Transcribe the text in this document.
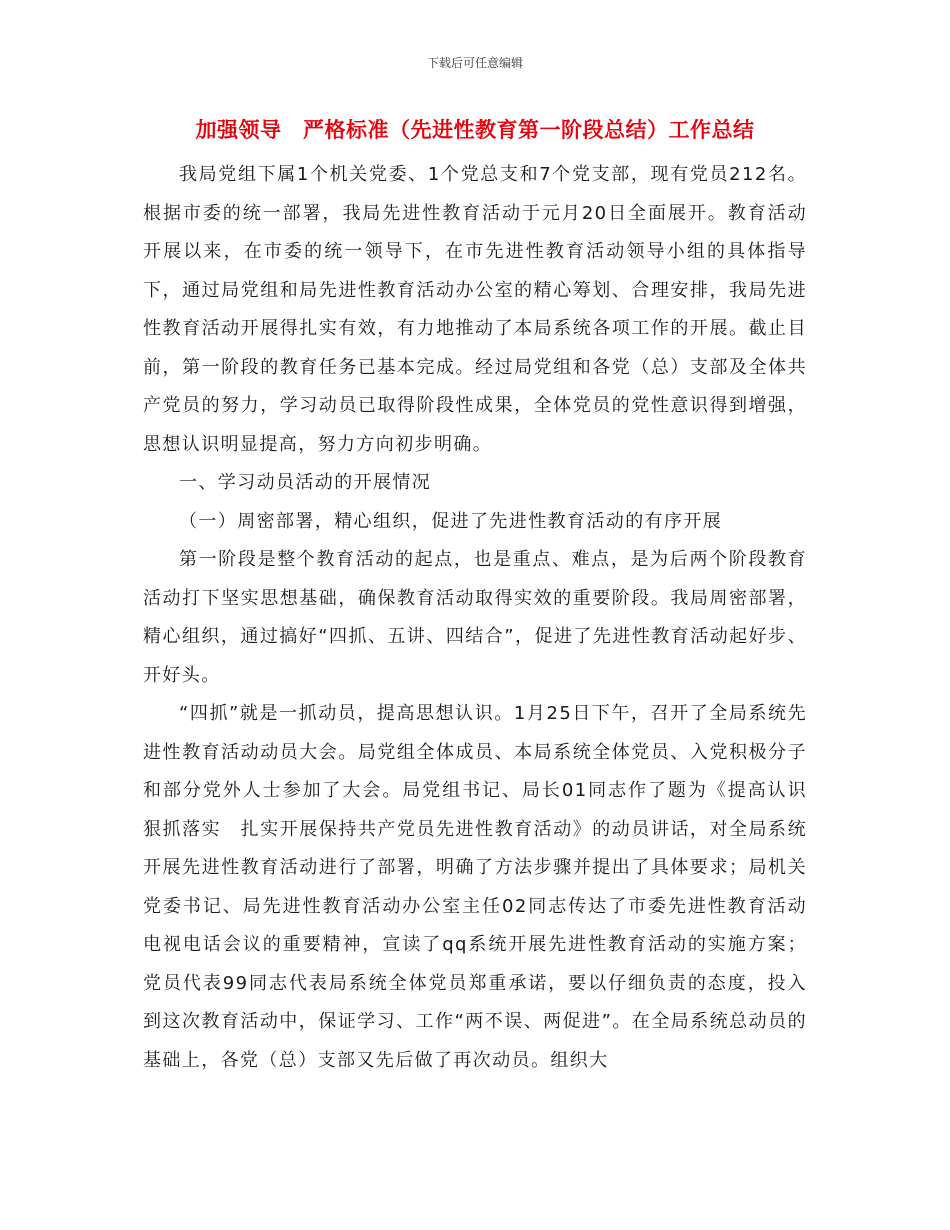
下载后可任意编辑
加强领导　严格标准（先进性教育第一阶段总结）工作总结

我局党组下属1个机关党委、1个党总支和7个党支部，现有党员212名。根据市委的统一部署，我局先进性教育活动于元月20日全面展开。教育活动开展以来，在市委的统一领导下，在市先进性教育活动领导小组的具体指导下，通过局党组和局先进性教育活动办公室的精心筹划、合理安排，我局先进性教育活动开展得扎实有效，有力地推动了本局系统各项工作的开展。截止目前，第一阶段的教育任务已基本完成。经过局党组和各党（总）支部及全体共产党员的努力，学习动员已取得阶段性成果，全体党员的党性意识得到增强，思想认识明显提高，努力方向初步明确。

一、学习动员活动的开展情况

（一）周密部署，精心组织，促进了先进性教育活动的有序开展

第一阶段是整个教育活动的起点，也是重点、难点，是为后两个阶段教育活动打下坚实思想基础，确保教育活动取得实效的重要阶段。我局周密部署，精心组织，通过搞好“四抓、五讲、四结合”，促进了先进性教育活动起好步、开好头。

“四抓”就是一抓动员，提高思想认识。1月25日下午，召开了全局系统先进性教育活动动员大会。局党组全体成员、本局系统全体党员、入党积极分子和部分党外人士参加了大会。局党组书记、局长01同志作了题为《提高认识　狠抓落实　扎实开展保持共产党员先进性教育活动》的动员讲话，对全局系统开展先进性教育活动进行了部署，明确了方法步骤并提出了具体要求；局机关党委书记、局先进性教育活动办公室主任02同志传达了市委先进性教育活动电视电话会议的重要精神，宣读了qq系统开展先进性教育活动的实施方案；党员代表99同志代表局系统全体党员郑重承诺，要以仔细负责的态度，投入到这次教育活动中，保证学习、工作“两不误、两促进”。在全局系统总动员的基础上，各党（总）支部又先后做了再次动员。组织大
